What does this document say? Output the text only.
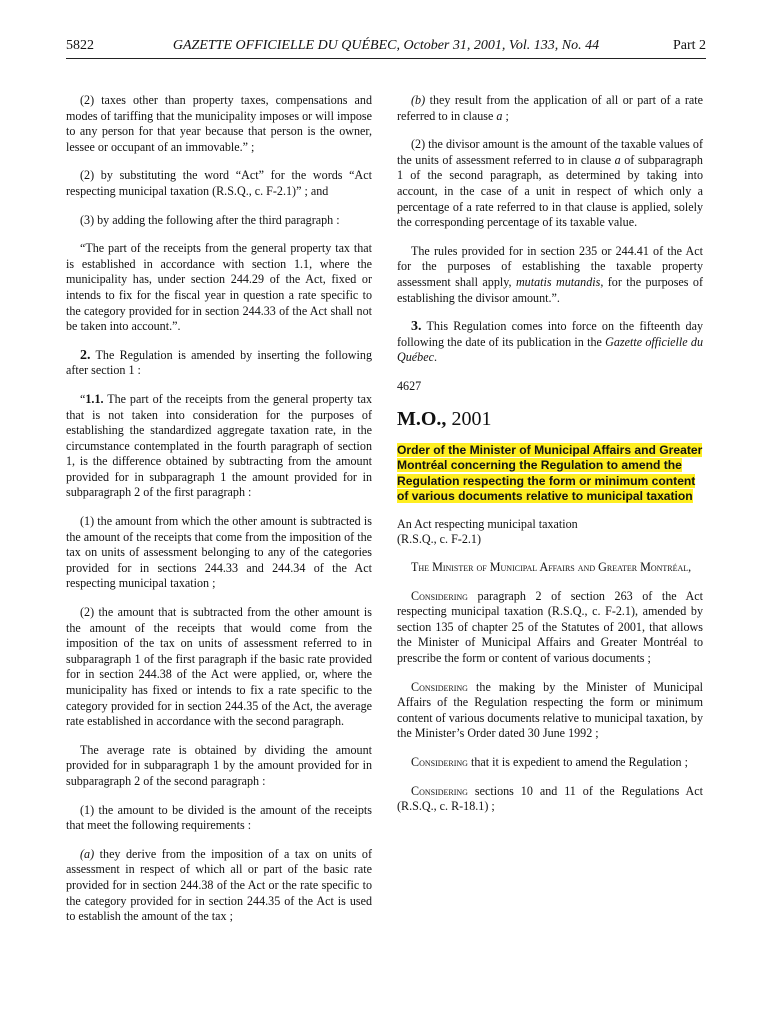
5822	GAZETTE OFFICIELLE DU QUÉBEC, October 31, 2001, Vol. 133, No. 44	Part 2

(2) taxes other than property taxes, compensations and modes of tariffing that the municipality imposes or will impose to any person for that year because that person is the owner, lessee or occupant of an immovable.” ;

(2) by substituting the word “Act” for the words “Act respecting municipal taxation (R.S.Q., c. F-2.1)” ; and

(3) by adding the following after the third paragraph :

“The part of the receipts from the general property tax that is established in accordance with section 1.1, where the municipality has, under section 244.29 of the Act, fixed or intends to fix for the fiscal year in question a rate specific to the category provided for in section 244.33 of the Act shall not be taken into account.”.

2. The Regulation is amended by inserting the following after section 1 :

“1.1. The part of the receipts from the general property tax that is not taken into consideration for the purposes of establishing the standardized aggregate taxation rate, in the circumstance contemplated in the fourth paragraph of section 1, is the difference obtained by subtracting from the amount provided for in subparagraph 1 the amount provided for in subparagraph 2 of the first paragraph :

(1) the amount from which the other amount is subtracted is the amount of the receipts that come from the imposition of the tax on units of assessment belonging to any of the categories provided for in sections 244.33 and 244.34 of the Act respecting municipal taxation ;

(2) the amount that is subtracted from the other amount is the amount of the receipts that would come from the imposition of the tax on units of assessment referred to in subparagraph 1 of the first paragraph if the basic rate provided for in section 244.38 of the Act were applied, or, where the municipality has fixed or intends to fix a rate specific to the category provided for in section 244.35 of the Act, the average rate established in accordance with the second paragraph.

The average rate is obtained by dividing the amount provided for in subparagraph 1 by the amount provided for in subparagraph 2 of the second paragraph :

(1) the amount to be divided is the amount of the receipts that meet the following requirements :

(a) they derive from the imposition of a tax on units of assessment in respect of which all or part of the basic rate provided for in section 244.38 of the Act or the rate specific to the category provided for in section 244.35 of the Act is used to establish the amount of the tax ;

(b) they result from the application of all or part of a rate referred to in clause a ;

(2) the divisor amount is the amount of the taxable values of the units of assessment referred to in clause a of subparagraph 1 of the second paragraph, as determined by taking into account, in the case of a unit in respect of which only a percentage of a rate referred to in that clause is applied, solely the corresponding percentage of its taxable value.

The rules provided for in section 235 or 244.41 of the Act for the purposes of establishing the taxable property assessment shall apply, mutatis mutandis, for the purposes of establishing the divisor amount.”.

3. This Regulation comes into force on the fifteenth day following the date of its publication in the Gazette officielle du Québec.

4627

M.O., 2001

Order of the Minister of Municipal Affairs and Greater Montréal concerning the Regulation to amend the Regulation respecting the form or minimum content of various documents relative to municipal taxation

An Act respecting municipal taxation
(R.S.Q., c. F-2.1)

The Minister of Municipal Affairs and Greater Montréal,

Considering paragraph 2 of section 263 of the Act respecting municipal taxation (R.S.Q., c. F-2.1), amended by section 135 of chapter 25 of the Statutes of 2001, that allows the Minister of Municipal Affairs and Greater Montréal to prescribe the form or content of various documents ;

Considering the making by the Minister of Municipal Affairs of the Regulation respecting the form or minimum content of various documents relative to municipal taxation, by the Minister’s Order dated 30 June 1992 ;

Considering that it is expedient to amend the Regulation ;

Considering sections 10 and 11 of the Regulations Act (R.S.Q., c. R-18.1) ;
